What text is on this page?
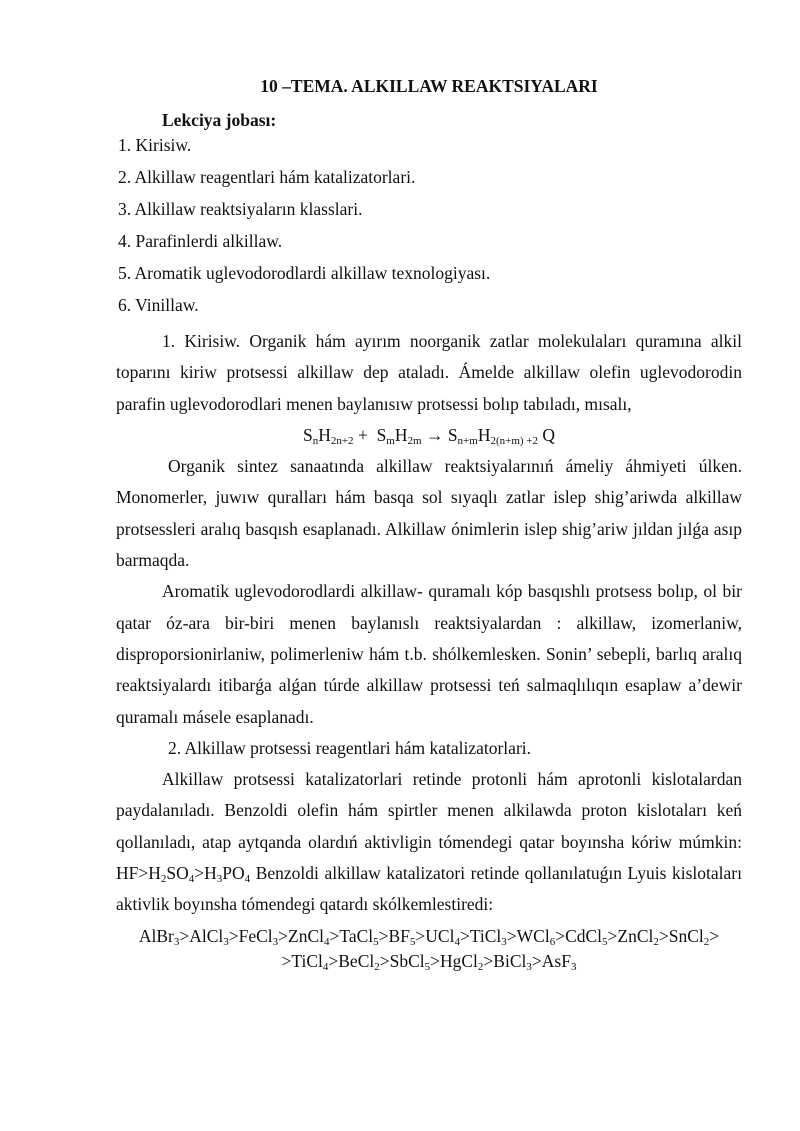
10 –TEMA. ALKILLAW REAKTSIYALARI
Lekciya jobası:
1. Kirisiw.
2. Alkillaw reagentlari hám katalizatorlari.
3. Alkillaw reaktsiyaların klasslari.
4. Parafinlerdi alkillaw.
5. Aromatik uglevodorodlardi alkillaw texnologiyası.
6. Vinillaw.

1. Kirisiw. Organik hám ayırım noorganik zatlar molekulaları quramına alkil toparını kiriw protsessi alkillaw dep ataladı. Ámelde alkillaw olefin uglevodorodin parafin uglevodorodlari menen baylanısıw protsessi bolıp tabıladı, mısalı,

$S_nH_{2n+2} + S_mH_{2m} \to S_{n+m}H_{2(n+m) +2}$ Q

Organik sintez sanaatında alkillaw reaktsiyalarınıń ámeliy áhmiyeti úlken. Monomerler, juwıw quralları hám basqa sol sıyaqlı zatlar islep shig’ariwda alkillaw protsessleri aralıq basqısh esaplanadı. Alkillaw ónimlerin islep shig’ariw jıldan jılǵa asıp barmaqda.

Aromatik uglevodorodlardi alkillaw- quramalı kóp basqıshlı protsess bolıp, ol bir qatar óz-ara bir-biri menen baylanıslı reaktsiyalardan : alkillaw, izomerlaniw, disproporsionirlaniw, polimerleniw hám t.b. shólkemlesken. Sonin’ sebepli, barlıq aralıq reaktsiyalardı itibarǵa alǵan túrde alkillaw protsessi teń salmaqlılıqın esaplaw a’dewir quramalı másele esaplanadı.

2. Alkillaw protsessi reagentlari hám katalizatorlari.

Alkillaw protsessi katalizatorlari retinde protonli hám aprotonli kislotalardan paydalanıladı. Benzoldi olefin hám spirtler menen alkilawda proton kislotaları keń qollanıladı, atap aytqanda olardıń aktivligin tómendegi qatar boyınsha kóriw múmkin: $HF>H_2SO_4>H_3PO_4$ Benzoldi alkillaw katalizatori retinde qollanılatuǵın Lyuis kislotaları aktivlik boyınsha tómendegi qatardı skólkemlestiredi:

$AlBr_3>AlCl_3>FeCl_3>ZnCl_4>TaCl_5>BF_5>UCl_4>TiCl_3>WCl_6>CdCl_5>ZnCl_2>SnCl_2>$
>TiCl$_4$>BeCl$_2$>SbCl$_5$>HgCl$_2$>BiCl$_3$>AsF$_3$
